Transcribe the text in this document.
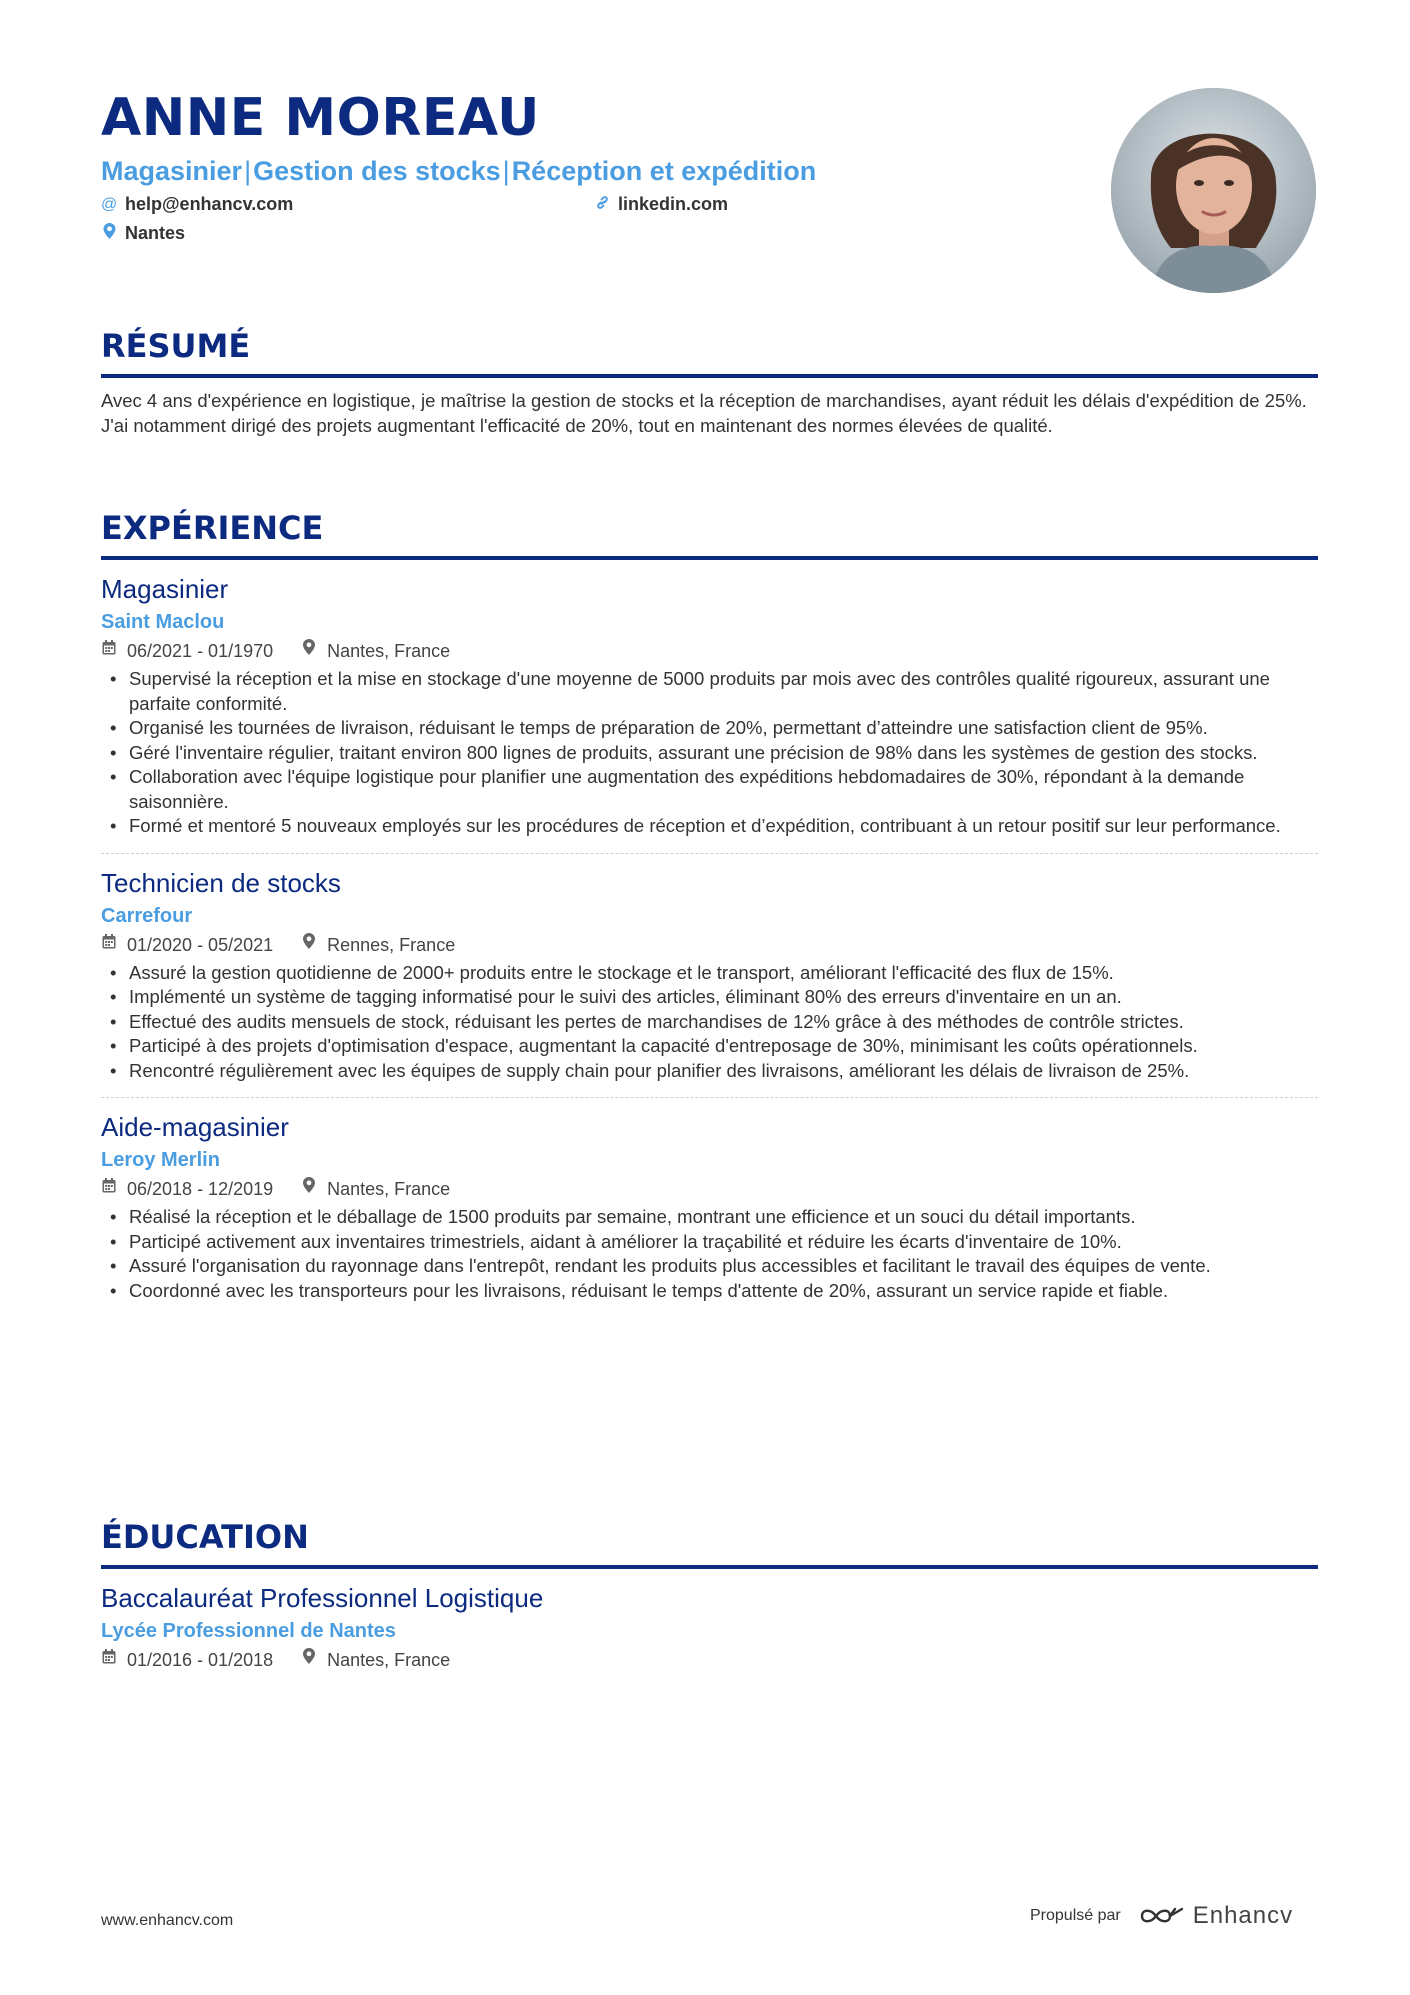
ANNE MOREAU
Magasinier|Gestion des stocks|Réception et expédition
@ help@enhancv.com	linkedin.com
Nantes
RÉSUMÉ
Avec 4 ans d'expérience en logistique, je maîtrise la gestion de stocks et la réception de marchandises, ayant réduit les délais d'expédition de 25%. J'ai notamment dirigé des projets augmentant l'efficacité de 20%, tout en maintenant des normes élevées de qualité.
EXPÉRIENCE
Magasinier
Saint Maclou
06/2021 - 01/1970	Nantes, France
• Supervisé la réception et la mise en stockage d'une moyenne de 5000 produits par mois avec des contrôles qualité rigoureux, assurant une parfaite conformité.
• Organisé les tournées de livraison, réduisant le temps de préparation de 20%, permettant d’atteindre une satisfaction client de 95%.
• Géré l'inventaire régulier, traitant environ 800 lignes de produits, assurant une précision de 98% dans les systèmes de gestion des stocks.
• Collaboration avec l'équipe logistique pour planifier une augmentation des expéditions hebdomadaires de 30%, répondant à la demande saisonnière.
• Formé et mentoré 5 nouveaux employés sur les procédures de réception et d’expédition, contribuant à un retour positif sur leur performance.
Technicien de stocks
Carrefour
01/2020 - 05/2021	Rennes, France
• Assuré la gestion quotidienne de 2000+ produits entre le stockage et le transport, améliorant l'efficacité des flux de 15%.
• Implémenté un système de tagging informatisé pour le suivi des articles, éliminant 80% des erreurs d'inventaire en un an.
• Effectué des audits mensuels de stock, réduisant les pertes de marchandises de 12% grâce à des méthodes de contrôle strictes.
• Participé à des projets d'optimisation d'espace, augmentant la capacité d'entreposage de 30%, minimisant les coûts opérationnels.
• Rencontré régulièrement avec les équipes de supply chain pour planifier des livraisons, améliorant les délais de livraison de 25%.
Aide-magasinier
Leroy Merlin
06/2018 - 12/2019	Nantes, France
• Réalisé la réception et le déballage de 1500 produits par semaine, montrant une efficience et un souci du détail importants.
• Participé activement aux inventaires trimestriels, aidant à améliorer la traçabilité et réduire les écarts d'inventaire de 10%.
• Assuré l'organisation du rayonnage dans l'entrepôt, rendant les produits plus accessibles et facilitant le travail des équipes de vente.
• Coordonné avec les transporteurs pour les livraisons, réduisant le temps d'attente de 20%, assurant un service rapide et fiable.
ÉDUCATION
Baccalauréat Professionnel Logistique
Lycée Professionnel de Nantes
01/2016 - 01/2018	Nantes, France
www.enhancv.com	Propulsé par	Enhancv
